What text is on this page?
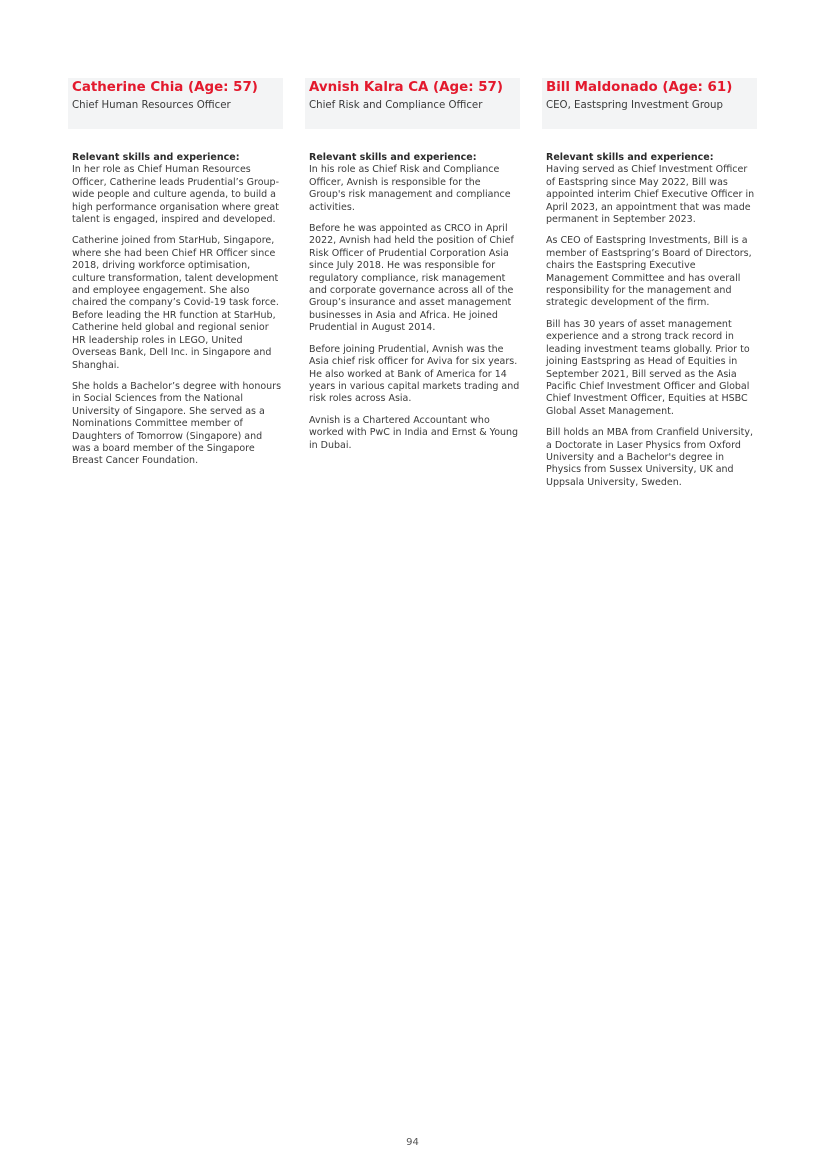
Catherine Chia (Age: 57)
Chief Human Resources Officer
Relevant skills and experience:

In her role as Chief Human Resources Officer, Catherine leads Prudential’s Group-wide people and culture agenda, to build a high performance organisation where great talent is engaged, inspired and developed.

Catherine joined from StarHub, Singapore, where she had been Chief HR Officer since 2018, driving workforce optimisation, culture transformation, talent development and employee engagement. She also chaired the company’s Covid-19 task force. Before leading the HR function at StarHub, Catherine held global and regional senior HR leadership roles in LEGO, United Overseas Bank, Dell Inc. in Singapore and Shanghai.

She holds a Bachelor’s degree with honours in Social Sciences from the National University of Singapore. She served as a Nominations Committee member of Daughters of Tomorrow (Singapore) and was a board member of the Singapore Breast Cancer Foundation.

Avnish Kalra CA (Age: 57)
Chief Risk and Compliance Officer
Relevant skills and experience:

In his role as Chief Risk and Compliance Officer, Avnish is responsible for the Group's risk management and compliance activities.

Before he was appointed as CRCO in April 2022, Avnish had held the position of Chief Risk Officer of Prudential Corporation Asia since July 2018. He was responsible for regulatory compliance, risk management and corporate governance across all of the Group’s insurance and asset management businesses in Asia and Africa. He joined Prudential in August 2014.

Before joining Prudential, Avnish was the Asia chief risk officer for Aviva for six years. He also worked at Bank of America for 14 years in various capital markets trading and risk roles across Asia.

Avnish is a Chartered Accountant who worked with PwC in India and Ernst & Young in Dubai.

Bill Maldonado (Age: 61)
CEO, Eastspring Investment Group
Relevant skills and experience:

Having served as Chief Investment Officer of Eastspring since May 2022, Bill was appointed interim Chief Executive Officer in April 2023, an appointment that was made permanent in September 2023.

As CEO of Eastspring Investments, Bill is a member of Eastspring’s Board of Directors, chairs the Eastspring Executive Management Committee and has overall responsibility for the management and strategic development of the firm.

Bill has 30 years of asset management experience and a strong track record in leading investment teams globally. Prior to joining Eastspring as Head of Equities in September 2021, Bill served as the Asia Pacific Chief Investment Officer and Global Chief Investment Officer, Equities at HSBC Global Asset Management.

Bill holds an MBA from Cranfield University, a Doctorate in Laser Physics from Oxford University and a Bachelor's degree in Physics from Sussex University, UK and Uppsala University, Sweden.

94
